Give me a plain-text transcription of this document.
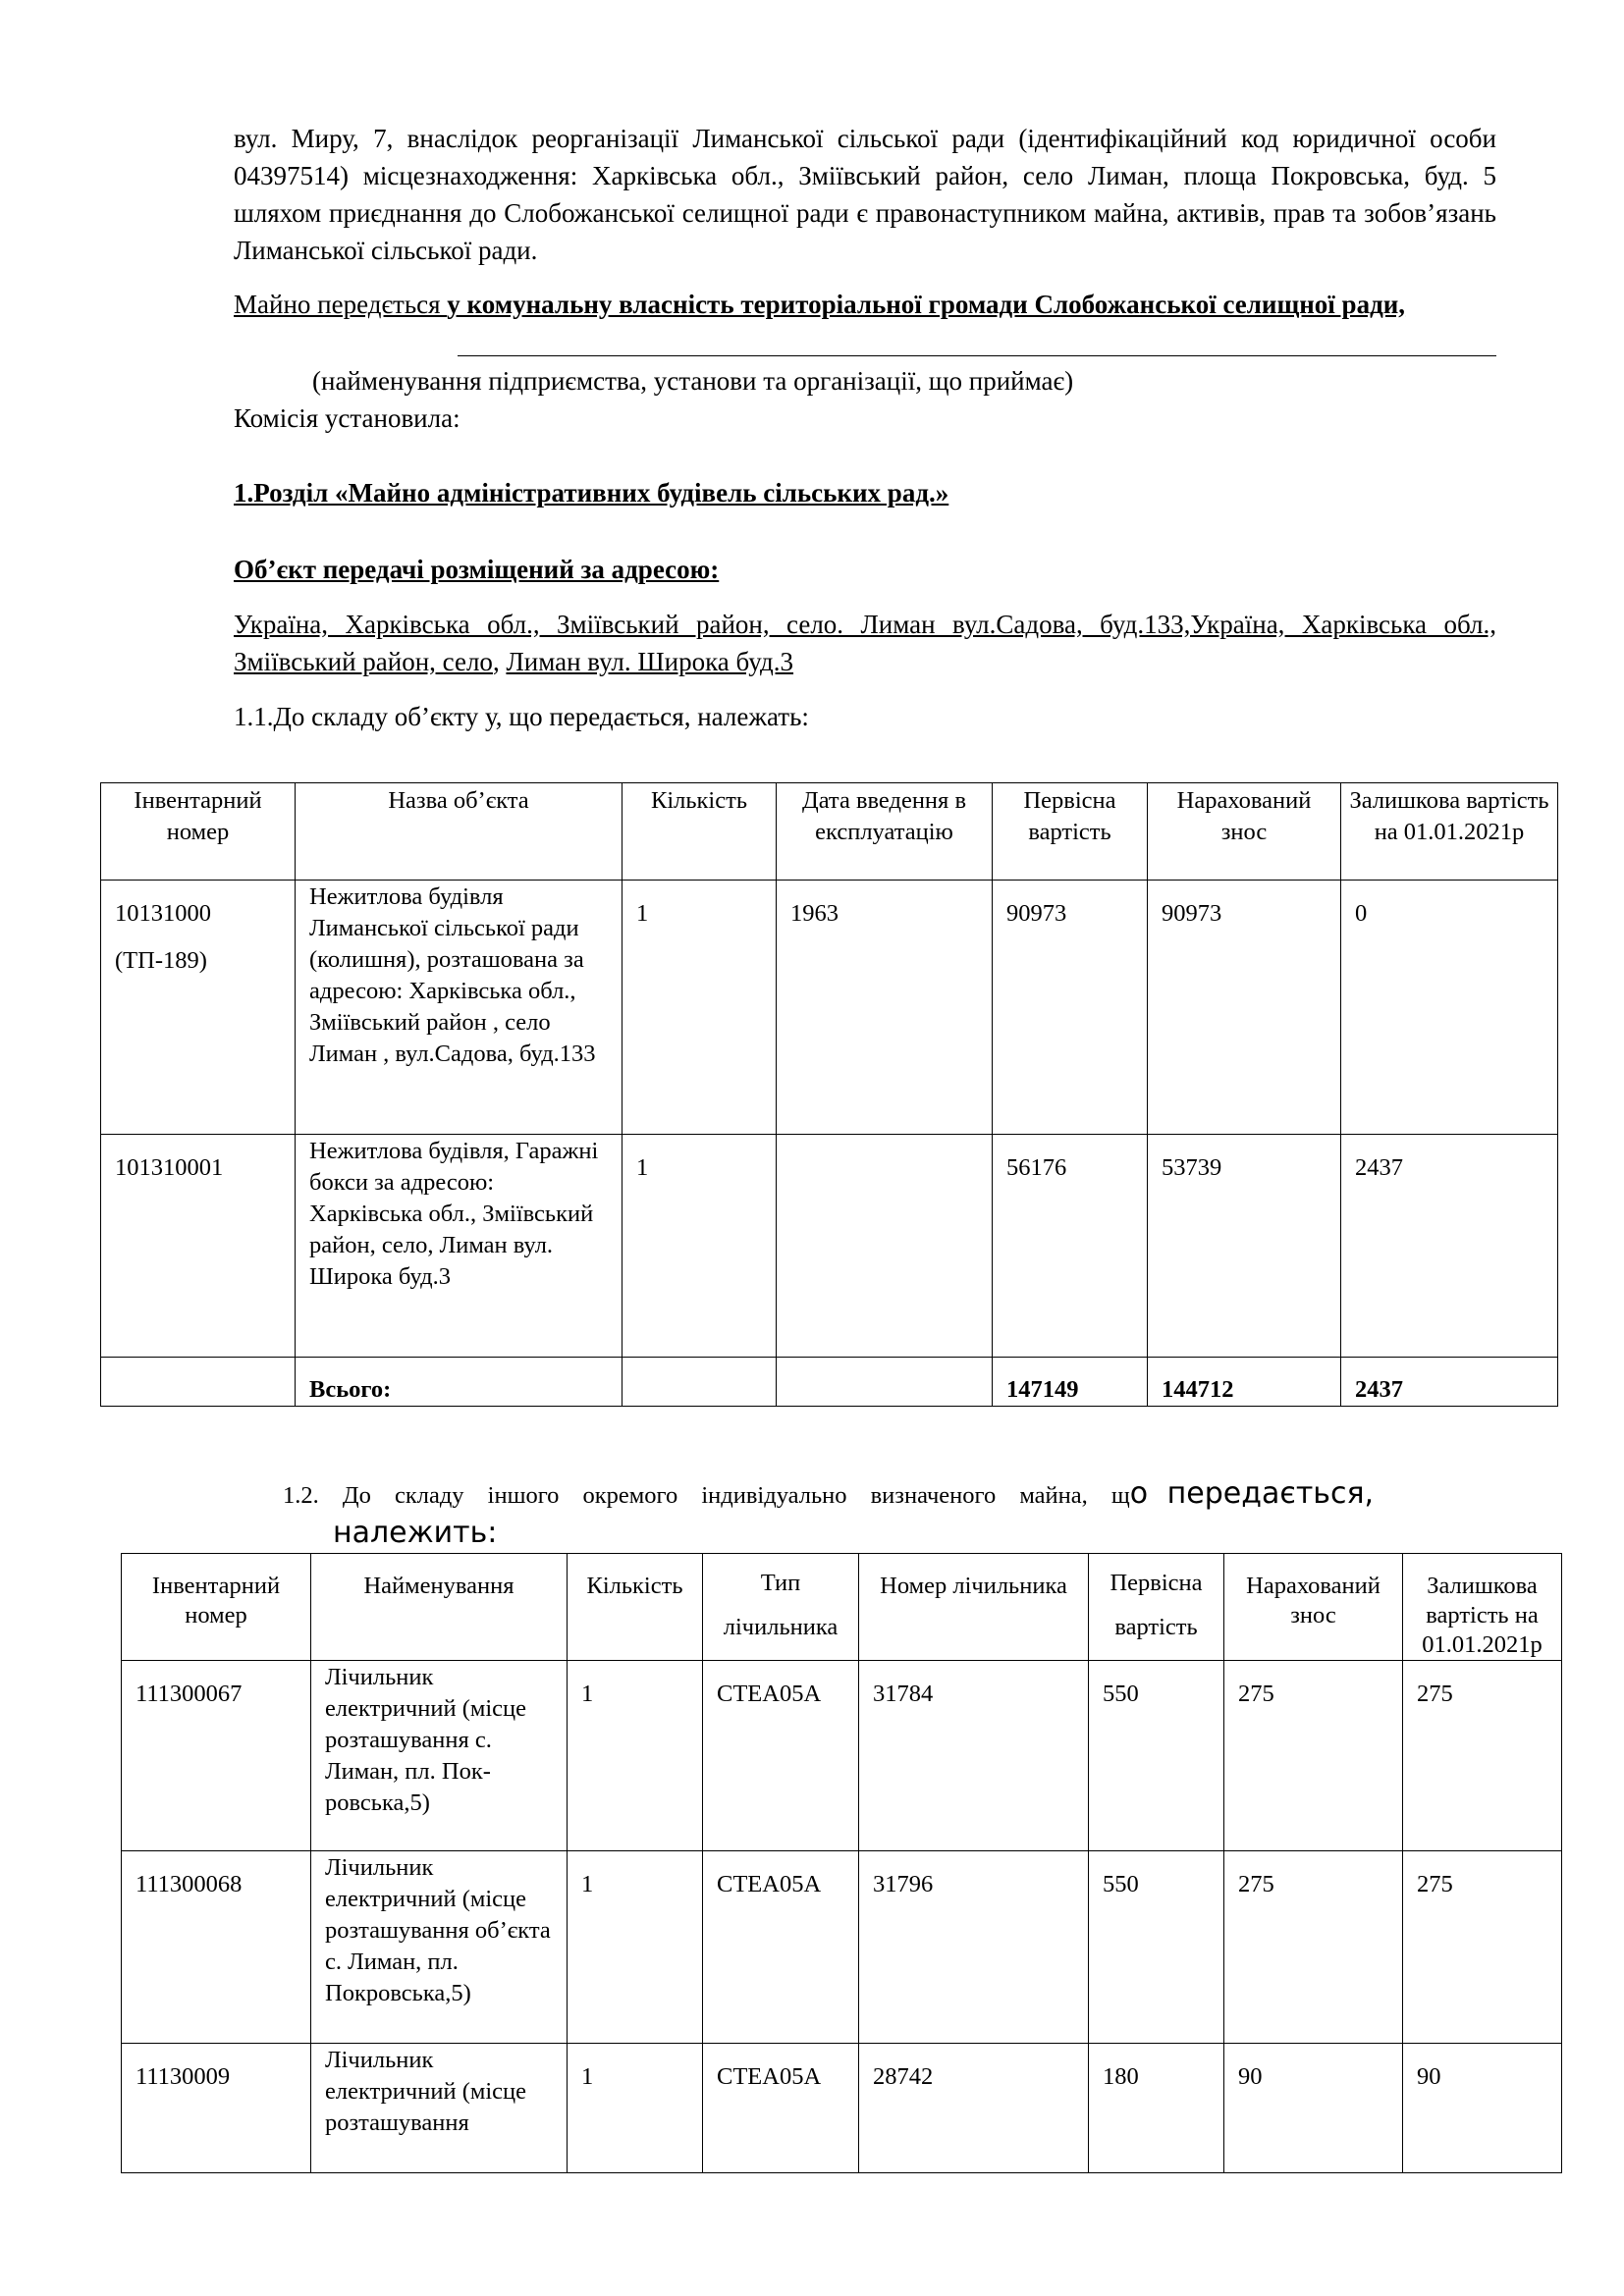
вул. Миру, 7, внаслідок реорганізації Лиманської сільської ради (ідентифікаційний код юридичної особи 04397514) місцезнаходження: Харківська обл., Зміївський район, село Лиман, площа Покровська, буд. 5 шляхом приєднання до Слобожанської селищної ради є правонаступником майна, активів, прав та зобов’язань Лиманської сільської ради.
Майно передється у комунальну власність територіальної громади Слобожанської селищної ради,
(найменування підприємства, установи та організації, що приймає)
Комісія установила:
1.Розділ «Майно адміністративних будівель сільських рад.»
Об’єкт передачі розміщений за адресою:
Україна, Харківська обл., Зміївський район, село. Лиман вул.Садова, буд.133,Україна, Харківська обл., Зміївський район, село, Лиман вул. Широка буд.3
1.1.До складу об’єкту у, що передається, належать:
Інвентарний номер	Назва об’єкта	Кількість	Дата введення в експлуатацію	Первісна вартість	Нарахований знос	Залишкова вартість на 01.01.2021р

10131000
(ТП-189)	Нежитлова будівля Лиманської сільської ради (колишня), розташована за адресою: Харківська обл., Зміївський район , село Лиман , вул.Садова, буд.133	1	1963	90973	90973	0
101310001	Нежитлова будівля, Гаражні бокси за адресою: Харківська обл., Зміївський район, село, Лиман вул. Широка буд.3	1		56176	53739	2437
	Всього:			147149	144712	2437
1.2. До складу іншого окремого індивідуально визначеного майна, що передається,
належить:
Інвентарний номер	Найменування	Кількість	Тип лічильника	Номер лічильника	Первісна вартість	Нарахований знос	Залишкова вартість на 01.01.2021р
111300067	Лічильник електричний (місце розташування с. Лиман, пл. Пок-ровська,5)	1	СТЕА05А	31784	550	275	275
111300068	Лічильник електричний (місце розташування об’єкта с. Лиман, пл. Покровська,5)	1	СТЕА05А	31796	550	275	275
11130009	Лічильник електричний (місце розташування	1	СТЕА05А	28742	180	90	90
